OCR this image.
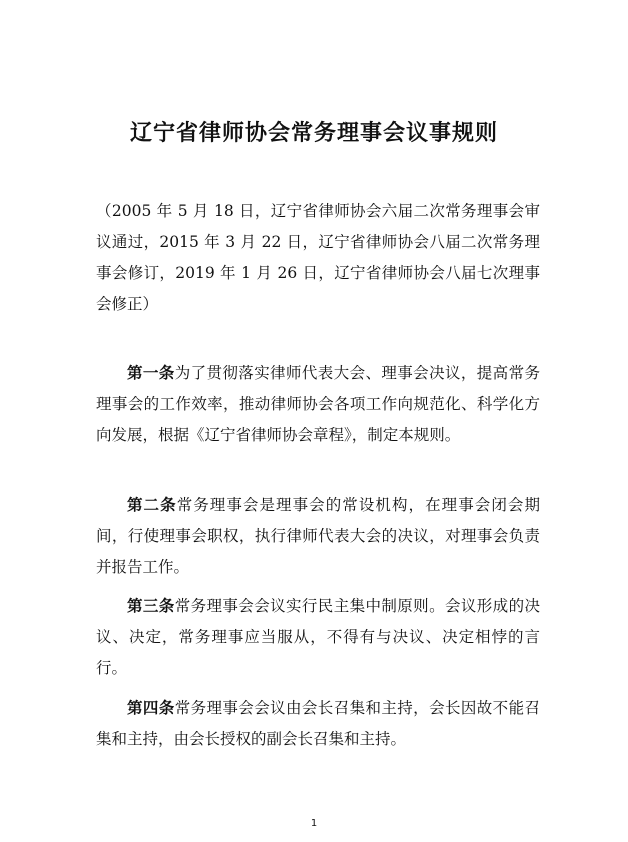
辽宁省律师协会常务理事会议事规则
（2005 年 5 月 18 日，辽宁省律师协会六届二次常务理事会审议通过，2015 年 3 月 22 日，辽宁省律师协会八届二次常务理事会修订，2019 年 1 月 26 日，辽宁省律师协会八届七次理事会修正）

第一条为了贯彻落实律师代表大会、理事会决议，提高常务理事会的工作效率，推动律师协会各项工作向规范化、科学化方向发展，根据《辽宁省律师协会章程》，制定本规则。

第二条常务理事会是理事会的常设机构，在理事会闭会期间，行使理事会职权，执行律师代表大会的决议，对理事会负责并报告工作。

第三条常务理事会会议实行民主集中制原则。会议形成的决议、决定，常务理事应当服从，不得有与决议、决定相悖的言行。

第四条常务理事会会议由会长召集和主持，会长因故不能召集和主持，由会长授权的副会长召集和主持。

1
